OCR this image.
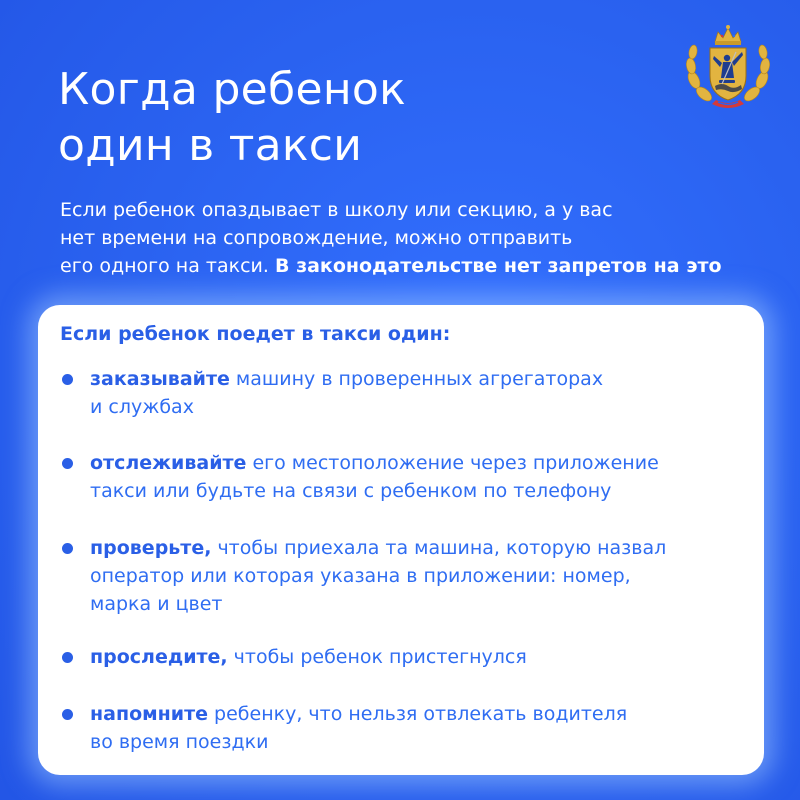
Когда ребенок
один в такси
Если ребенок опаздывает в школу или секцию, а у вас
нет времени на сопровождение, можно отправить
его одного на такси. В законодательстве нет запретов на это
Если ребенок поедет в такси один:
заказывайте машину в проверенных агрегаторах
и службах
отслеживайте его местоположение через приложение
такси или будьте на связи с ребенком по телефону
проверьте, чтобы приехала та машина, которую назвал
оператор или которая указана в приложении: номер,
марка и цвет
проследите, чтобы ребенок пристегнулся
напомните ребенку, что нельзя отвлекать водителя
во время поездки
